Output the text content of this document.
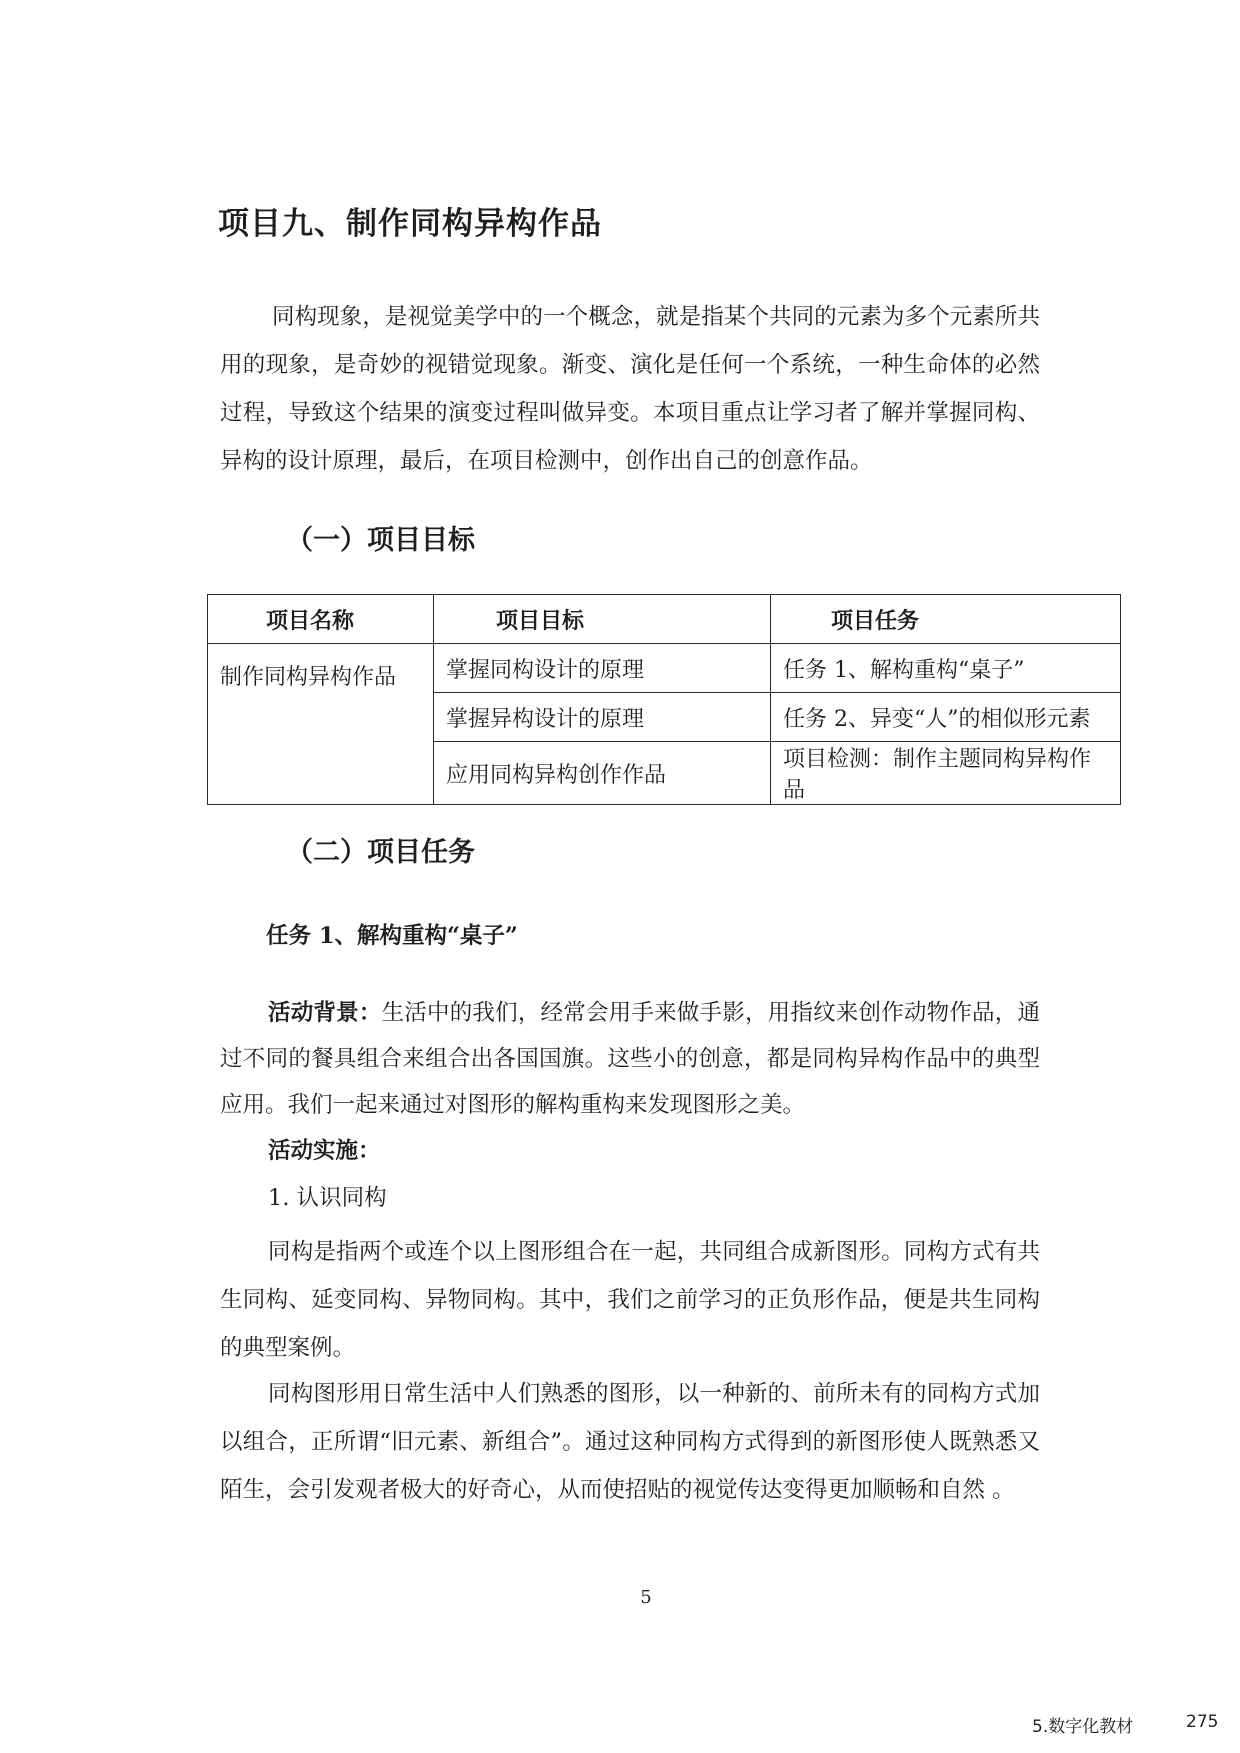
项目九、制作同构异构作品

同构现象，是视觉美学中的一个概念，就是指某个共同的元素为多个元素所共用的现象，是奇妙的视错觉现象。渐变、演化是任何一个系统，一种生命体的必然过程，导致这个结果的演变过程叫做异变。本项目重点让学习者了解并掌握同构、异构的设计原理，最后，在项目检测中，创作出自己的创意作品。

（一）项目目标
项目名称	项目目标	项目任务
制作同构异构作品	掌握同构设计的原理	任务 1、解构重构“桌子”
	掌握异构设计的原理	任务 2、异变“人”的相似形元素
	应用同构异构创作作品	项目检测：制作主题同构异构作品
（二）项目任务
任务 1、解构重构“桌子”

活动背景：生活中的我们，经常会用手来做手影，用指纹来创作动物作品，通过不同的餐具组合来组合出各国国旗。这些小的创意，都是同构异构作品中的典型应用。我们一起来通过对图形的解构重构来发现图形之美。

活动实施：

1. 认识同构

同构是指两个或连个以上图形组合在一起，共同组合成新图形。同构方式有共生同构、延变同构、异物同构。其中，我们之前学习的正负形作品，便是共生同构的典型案例。

同构图形用日常生活中人们熟悉的图形，以一种新的、前所未有的同构方式加以组合，正所谓“旧元素、新组合”。通过这种同构方式得到的新图形使人既熟悉又陌生，会引发观者极大的好奇心，从而使招贴的视觉传达变得更加顺畅和自然 。

5
5.数字化教材	275
